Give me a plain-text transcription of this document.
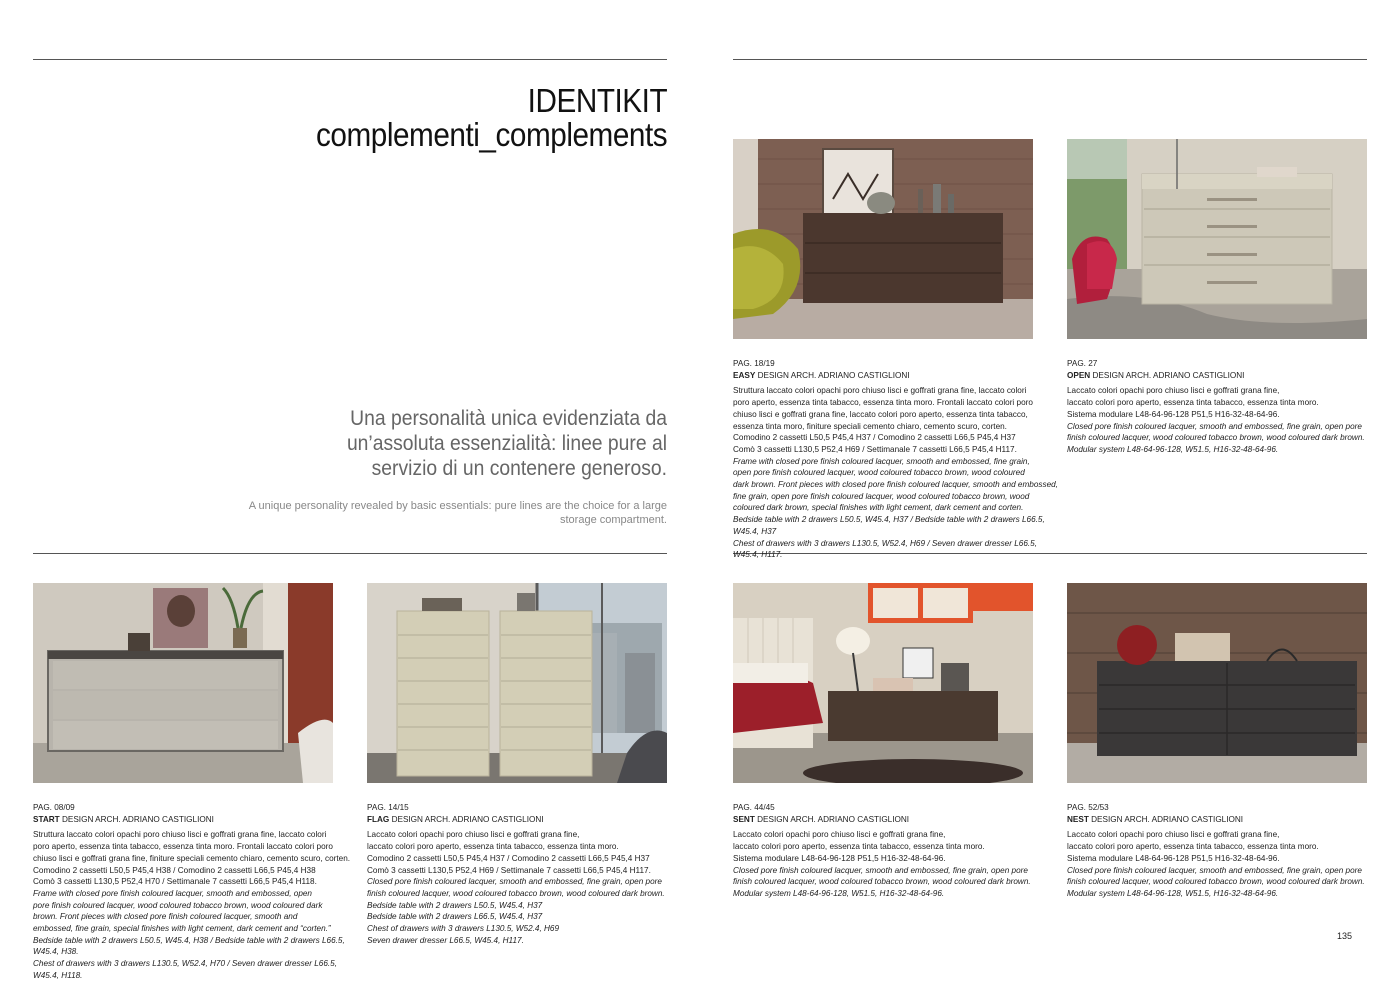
IDENTIKIT
complementi_complements
Una personalità unica evidenziata da un’assoluta essenzialità: linee pure al servizio di un contenere generoso.
A unique personality revealed by basic essentials: pure lines are the choice for a large storage compartment.
PAG. 18/19
EASY DESIGN ARCH. ADRIANO CASTIGLIONI
Struttura laccato colori opachi poro chiuso lisci e goffrati grana fine, laccato colori
poro aperto, essenza tinta tabacco, essenza tinta moro. Frontali laccato colori poro
chiuso lisci e goffrati grana fine, laccato colori poro aperto, essenza tinta tabacco,
essenza tinta moro, finiture speciali cemento chiaro, cemento scuro, corten.
Comodino 2 cassetti L50,5 P45,4 H37 / Comodino 2 cassetti L66,5 P45,4 H37
Comò 3 cassetti L130,5 P52,4 H69 / Settimanale 7 cassetti L66,5 P45,4 H117.
Frame with closed pore finish coloured lacquer, smooth and embossed, fine grain,
open pore finish coloured lacquer, wood coloured tobacco brown, wood coloured
dark brown. Front pieces with closed pore finish coloured lacquer, smooth and embossed,
fine grain, open pore finish coloured lacquer, wood coloured tobacco brown, wood
coloured dark brown, special finishes with light cement, dark cement and corten.
Bedside table with 2 drawers L50.5, W45.4, H37 / Bedside table with 2 drawers L66.5, W45.4, H37
Chest of drawers with 3 drawers L130.5, W52.4, H69 / Seven drawer dresser L66.5, W45.4, H117.
PAG. 27
OPEN DESIGN ARCH. ADRIANO CASTIGLIONI
Laccato colori opachi poro chiuso lisci e goffrati grana fine,
laccato colori poro aperto, essenza tinta tabacco, essenza tinta moro.
Sistema modulare L48-64-96-128 P51,5 H16-32-48-64-96.
Closed pore finish coloured lacquer, smooth and embossed, fine grain, open pore
finish coloured lacquer, wood coloured tobacco brown, wood coloured dark brown.
Modular system L48-64-96-128, W51.5, H16-32-48-64-96.
PAG. 08/09
START DESIGN ARCH. ADRIANO CASTIGLIONI
Struttura laccato colori opachi poro chiuso lisci e goffrati grana fine, laccato colori
poro aperto, essenza tinta tabacco, essenza tinta moro. Frontali laccato colori poro
chiuso lisci e goffrati grana fine, finiture speciali cemento chiaro, cemento scuro, corten.
Comodino 2 cassetti L50,5 P45,4 H38 / Comodino 2 cassetti L66,5 P45,4 H38
Comò 3 cassetti L130,5 P52,4 H70 / Settimanale 7 cassetti L66,5 P45,4 H118.
Frame with closed pore finish coloured lacquer, smooth and embossed, open
pore finish coloured lacquer, wood coloured tobacco brown, wood coloured dark
brown. Front pieces with closed pore finish coloured lacquer, smooth and
embossed, fine grain, special finishes with light cement, dark cement and “corten.”
Bedside table with 2 drawers L50.5, W45.4, H38 / Bedside table with 2 drawers L66.5, W45.4, H38.
Chest of drawers with 3 drawers L130.5, W52.4, H70 / Seven drawer dresser L66.5, W45.4, H118.
PAG. 14/15
FLAG DESIGN ARCH. ADRIANO CASTIGLIONI
Laccato colori opachi poro chiuso lisci e goffrati grana fine,
laccato colori poro aperto, essenza tinta tabacco, essenza tinta moro.
Comodino 2 cassetti L50,5 P45,4 H37 / Comodino 2 cassetti L66,5 P45,4 H37
Comò 3 cassetti L130,5 P52,4 H69 / Settimanale 7 cassetti L66,5 P45,4 H117.
Closed pore finish coloured lacquer, smooth and embossed, fine grain, open pore
finish coloured lacquer, wood coloured tobacco brown, wood coloured dark brown.
Bedside table with 2 drawers L50.5, W45.4, H37
Bedside table with 2 drawers L66.5, W45.4, H37
Chest of drawers with 3 drawers L130.5, W52.4, H69
Seven drawer dresser L66.5, W45.4, H117.
PAG. 44/45
SENT DESIGN ARCH. ADRIANO CASTIGLIONI
Laccato colori opachi poro chiuso lisci e goffrati grana fine,
laccato colori poro aperto, essenza tinta tabacco, essenza tinta moro.
Sistema modulare L48-64-96-128 P51,5 H16-32-48-64-96.
Closed pore finish coloured lacquer, smooth and embossed, fine grain, open pore
finish coloured lacquer, wood coloured tobacco brown, wood coloured dark brown.
Modular system L48-64-96-128, W51.5, H16-32-48-64-96.
PAG. 52/53
NEST DESIGN ARCH. ADRIANO CASTIGLIONI
Laccato colori opachi poro chiuso lisci e goffrati grana fine,
laccato colori poro aperto, essenza tinta tabacco, essenza tinta moro.
Sistema modulare L48-64-96-128 P51,5 H16-32-48-64-96.
Closed pore finish coloured lacquer, smooth and embossed, fine grain, open pore
finish coloured lacquer, wood coloured tobacco brown, wood coloured dark brown.
Modular system L48-64-96-128, W51.5, H16-32-48-64-96.
135
